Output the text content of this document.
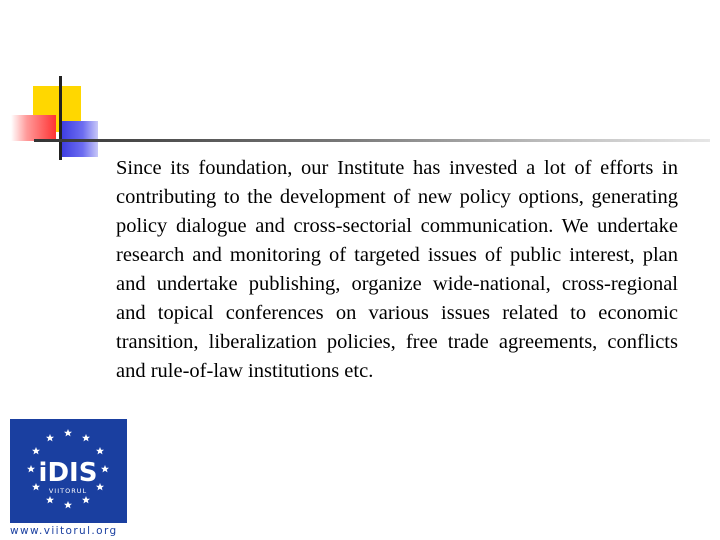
Since its foundation, our Institute has invested a lot of efforts in contributing to the development of new policy options, generating policy dialogue and cross-sectorial communication. We undertake research and monitoring of targeted issues of public interest, plan and undertake publishing, organize wide-national, cross-regional and topical conferences on various issues related to economic transition, liberalization policies, free trade agreements, conflicts and rule-of-law institutions etc.

iDIS
VIITORUL
www.viitorul.org
